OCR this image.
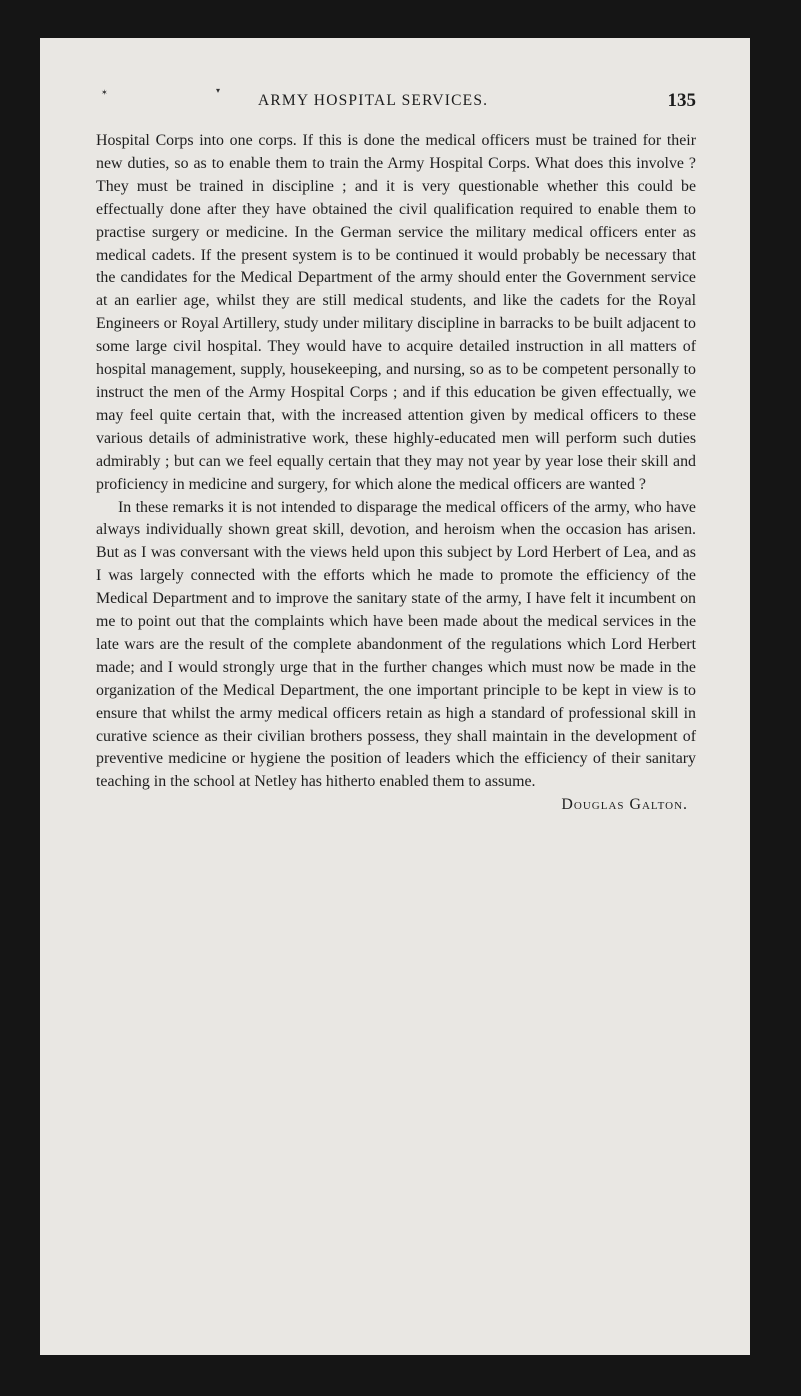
✶	▾
ARMY HOSPITAL SERVICES.	135

Hospital Corps into one corps. If this is done the medical officers must be trained for their new duties, so as to enable them to train the Army Hospital Corps. What does this involve ? They must be trained in discipline ; and it is very questionable whether this could be effectually done after they have obtained the civil qualification required to enable them to practise surgery or medicine. In the German service the military medical officers enter as medical cadets. If the present system is to be continued it would probably be necessary that the candidates for the Medical Department of the army should enter the Government service at an earlier age, whilst they are still medical students, and like the cadets for the Royal Engineers or Royal Artillery, study under military discipline in barracks to be built adjacent to some large civil hospital. They would have to acquire detailed instruction in all matters of hospital management, supply, housekeeping, and nursing, so as to be competent personally to instruct the men of the Army Hospital Corps ; and if this education be given effectually, we may feel quite certain that, with the increased attention given by medical officers to these various details of administrative work, these highly-educated men will perform such duties admirably ; but can we feel equally certain that they may not year by year lose their skill and proficiency in medicine and surgery, for which alone the medical officers are wanted ?

In these remarks it is not intended to disparage the medical officers of the army, who have always individually shown great skill, devotion, and heroism when the occasion has arisen. But as I was conversant with the views held upon this subject by Lord Herbert of Lea, and as I was largely connected with the efforts which he made to promote the efficiency of the Medical Department and to improve the sanitary state of the army, I have felt it incumbent on me to point out that the complaints which have been made about the medical services in the late wars are the result of the complete abandonment of the regulations which Lord Herbert made; and I would strongly urge that in the further changes which must now be made in the organization of the Medical Department, the one important principle to be kept in view is to ensure that whilst the army medical officers retain as high a standard of professional skill in curative science as their civilian brothers possess, they shall maintain in the development of preventive medicine or hygiene the position of leaders which the efficiency of their sanitary teaching in the school at Netley has hitherto enabled them to assume.

Douglas Galton.
